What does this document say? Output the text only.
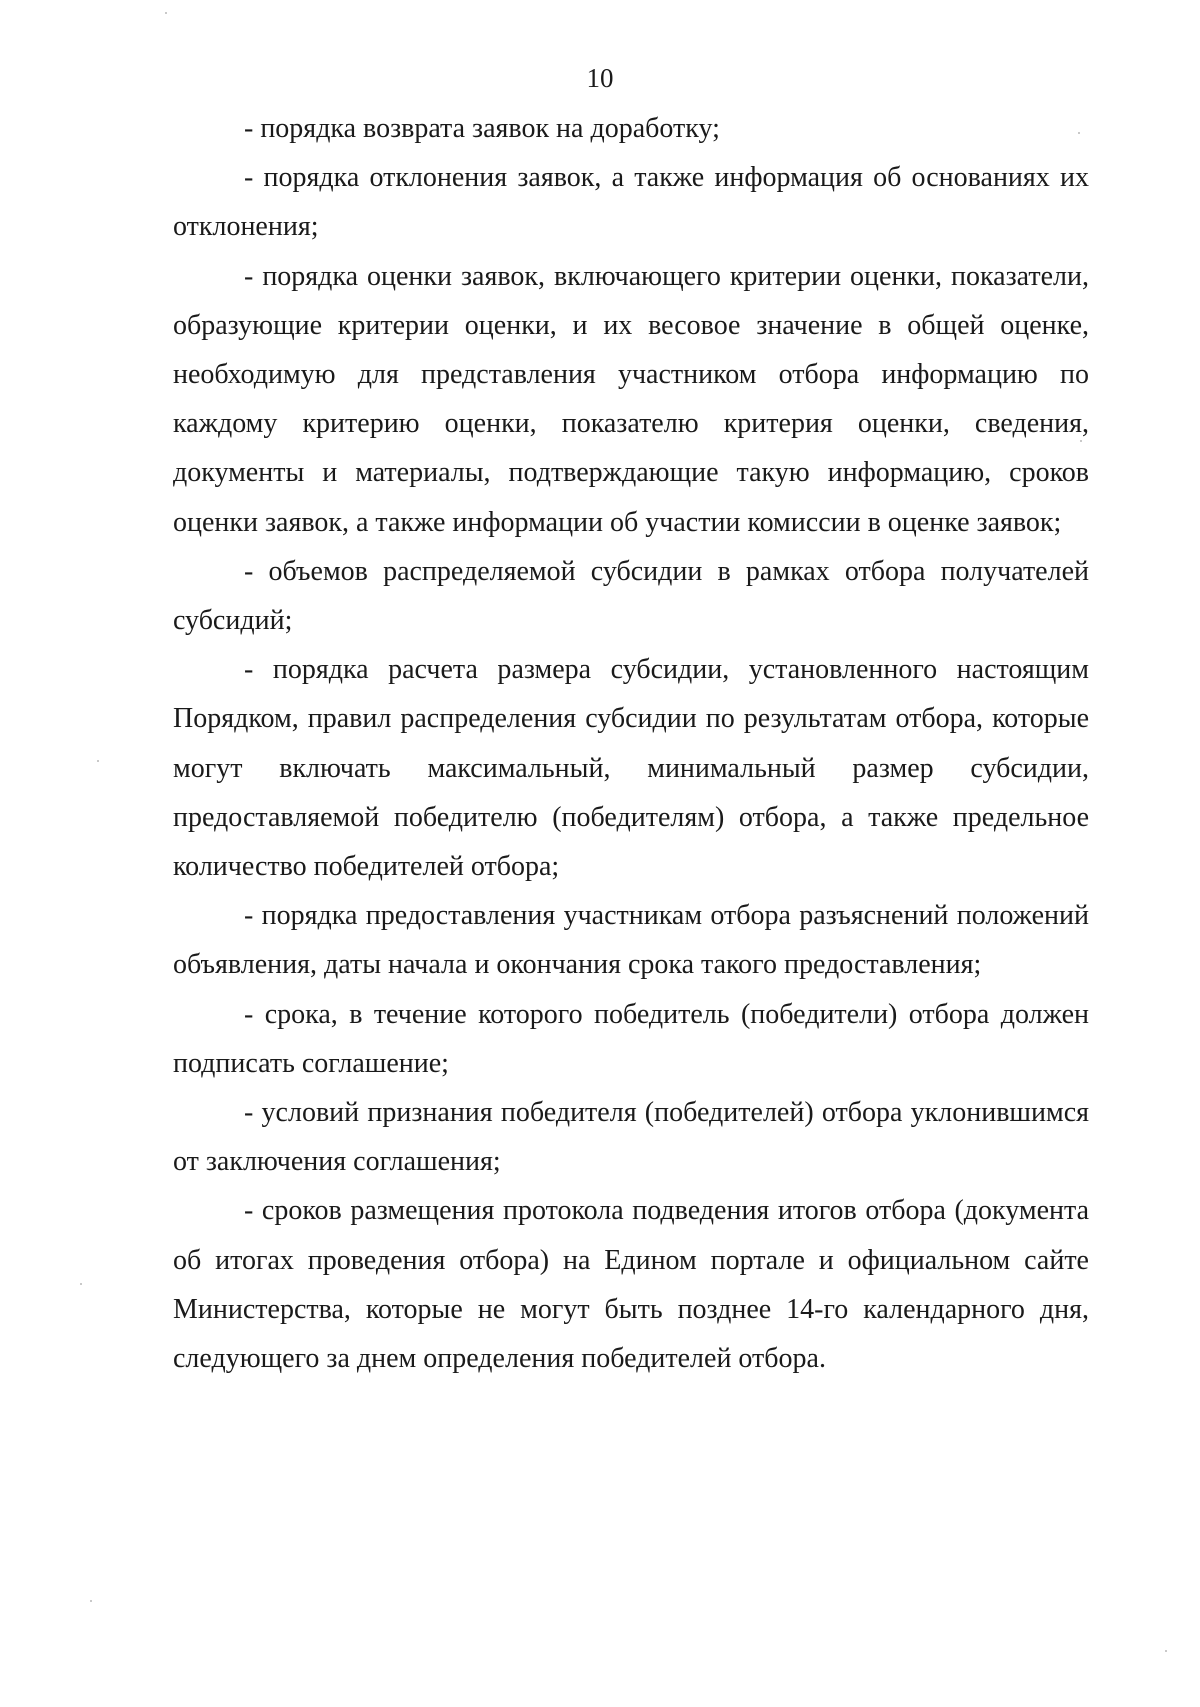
10

- порядка возврата заявок на доработку;

- порядка отклонения заявок, а также информация об основаниях их отклонения;

- порядка оценки заявок, включающего критерии оценки, показатели, образующие критерии оценки, и их весовое значение в общей оценке, необходимую для представления участником отбора информацию по каждому критерию оценки, показателю критерия оценки, сведения, документы и материалы, подтверждающие такую информацию, сроков оценки заявок, а также информации об участии комиссии в оценке заявок;

- объемов распределяемой субсидии в рамках отбора получателей субсидий;

- порядка расчета размера субсидии, установленного настоящим Порядком, правил распределения субсидии по результатам отбора, которые могут включать максимальный, минимальный размер субсидии, предоставляемой победителю (победителям) отбора, а также предельное количество победителей отбора;

- порядка предоставления участникам отбора разъяснений положений объявления, даты начала и окончания срока такого предоставления;

- срока, в течение которого победитель (победители) отбора должен подписать соглашение;

- условий признания победителя (победителей) отбора уклонившимся от заключения соглашения;

- сроков размещения протокола подведения итогов отбора (документа об итогах проведения отбора) на Едином портале и официальном сайте Министерства, которые не могут быть позднее 14-го календарного дня, следующего за днем определения победителей отбора.
